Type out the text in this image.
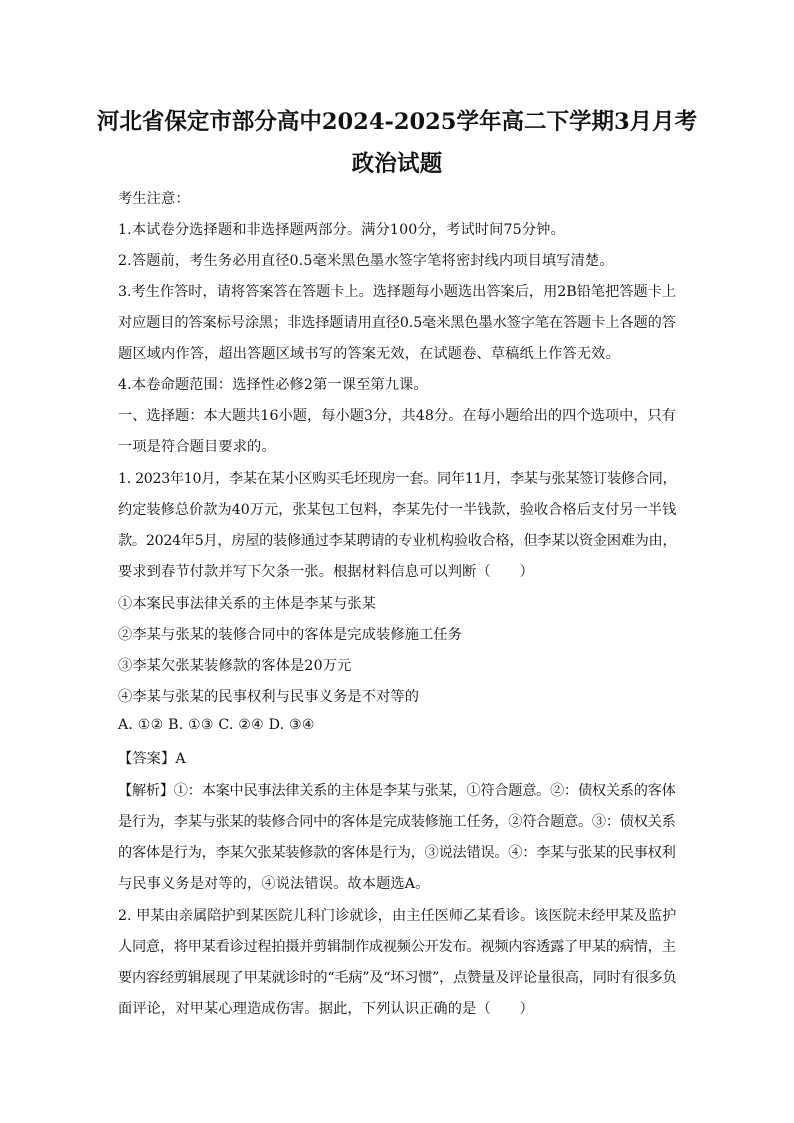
河北省保定市部分高中2024-2025学年高二下学期3月月考
政治试题
考生注意：
1.本试卷分选择题和非选择题两部分。满分100分，考试时间75分钟。
2.答题前，考生务必用直径0.5毫米黑色墨水签字笔将密封线内项目填写清楚。
3.考生作答时，请将答案答在答题卡上。选择题每小题选出答案后，用2B铅笔把答题卡上
对应题目的答案标号涂黑；非选择题请用直径0.5毫米黑色墨水签字笔在答题卡上各题的答
题区域内作答，超出答题区域书写的答案无效，在试题卷、草稿纸上作答无效。
4.本卷命题范围：选择性必修2第一课至第九课。
一、选择题：本大题共16小题，每小题3分，共48分。在每小题给出的四个选项中，只有
一项是符合题目要求的。
1. 2023年10月，李某在某小区购买毛坯现房一套。同年11月，李某与张某签订装修合同，
约定装修总价款为40万元，张某包工包料，李某先付一半钱款，验收合格后支付另一半钱
款。2024年5月，房屋的装修通过李某聘请的专业机构验收合格，但李某以资金困难为由，
要求到春节付款并写下欠条一张。根据材料信息可以判断（　　）
①本案民事法律关系的主体是李某与张某
②李某与张某的装修合同中的客体是完成装修施工任务
③李某欠张某装修款的客体是20万元
④李某与张某的民事权利与民事义务是不对等的
A. ①② B. ①③ C. ②④ D. ③④
【答案】A
【解析】①：本案中民事法律关系的主体是李某与张某，①符合题意。②：债权关系的客体
是行为，李某与张某的装修合同中的客体是完成装修施工任务，②符合题意。③：债权关系
的客体是行为，李某欠张某装修款的客体是行为，③说法错误。④：李某与张某的民事权利
与民事义务是对等的，④说法错误。故本题选A。
2. 甲某由亲属陪护到某医院儿科门诊就诊，由主任医师乙某看诊。该医院未经甲某及监护
人同意，将甲某看诊过程拍摄并剪辑制作成视频公开发布。视频内容透露了甲某的病情，主
要内容经剪辑展现了甲某就诊时的“毛病”及“坏习惯”，点赞量及评论量很高，同时有很多负
面评论，对甲某心理造成伤害。据此，下列认识正确的是（　　）
